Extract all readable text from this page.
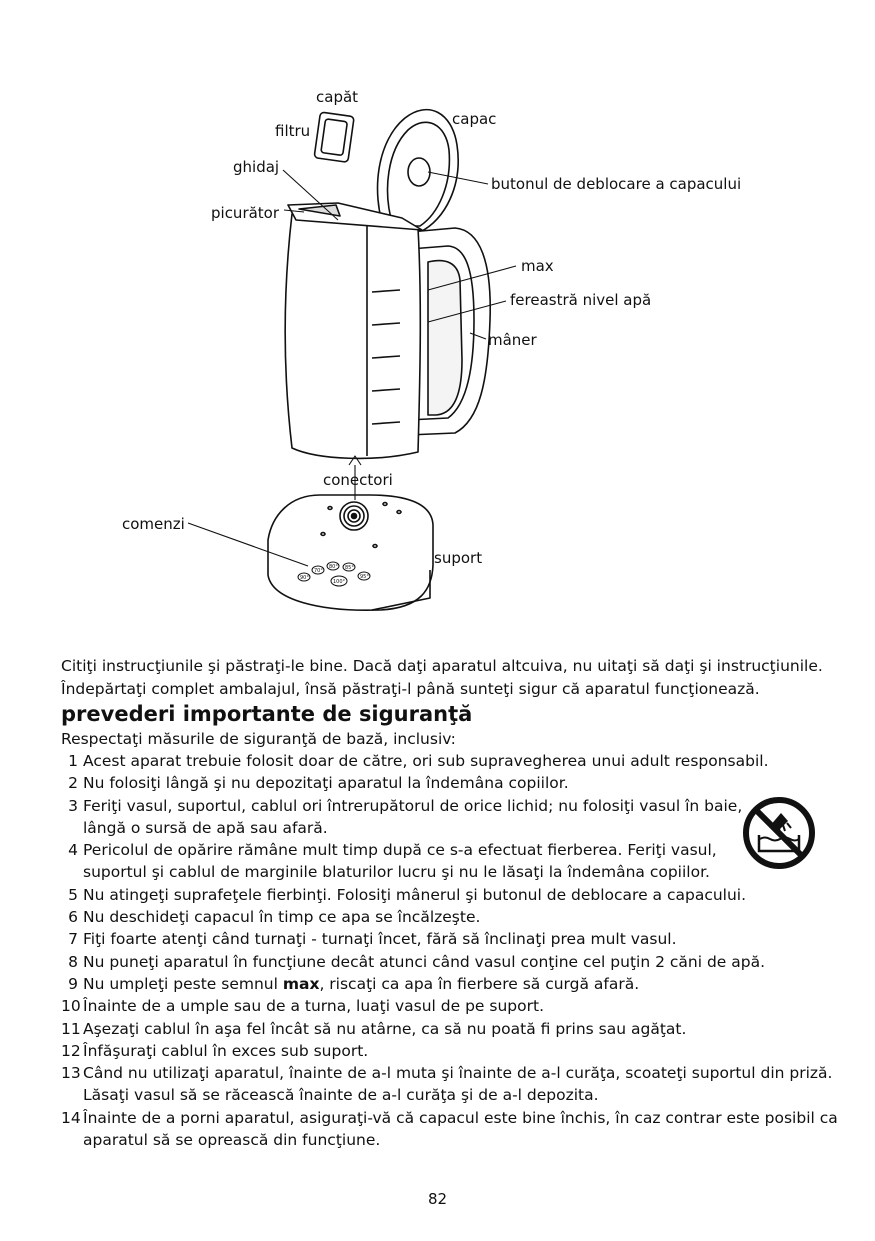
capăt
filtru
capac
ghidaj
butonul de deblocare a capacului
picurător
max
fereastră nivel apă
mâner
conectori
comenzi
suport
70°
80° 85°
90°
100°
95°

Citiţi instrucţiunile şi păstraţi-le bine. Dacă daţi aparatul altcuiva, nu uitaţi să daţi şi instrucţiunile.

Îndepărtaţi complet ambalajul, însă păstraţi-l până sunteţi sigur că aparatul funcţionează.

prevederi importante de siguranţă

Respectaţi măsurile de siguranţă de bază, inclusiv:

1 Acest aparat trebuie folosit doar de către, ori sub supravegherea unui adult responsabil.
2 Nu folosiţi lângă şi nu depozitaţi aparatul la îndemâna copiilor.
3 Feriţi vasul, suportul, cablul ori întrerupătorul de orice lichid; nu folosiţi vasul în baie, lângă o sursă de apă sau afară.
4 Pericolul de opărire rămâne mult timp după ce s-a efectuat fierberea. Feriţi vasul, suportul şi cablul de marginile blaturilor lucru şi nu le lăsaţi la îndemâna copiilor.
5 Nu atingeţi suprafeţele fierbinţi. Folosiţi mânerul şi butonul de deblocare a capacului.
6 Nu deschideţi capacul în timp ce apa se încălzeşte.
7 Fiţi foarte atenţi când turnaţi - turnaţi încet, fără să înclinaţi prea mult vasul.
8 Nu puneţi aparatul în funcţiune decât atunci când vasul conţine cel puţin 2 căni de apă.
9 Nu umpleţi peste semnul max, riscaţi ca apa în fierbere să curgă afară.
10 Înainte de a umple sau de a turna, luaţi vasul de pe suport.
11 Aşezaţi cablul în aşa fel încât să nu atârne, ca să nu poată fi prins sau agăţat.
12 Înfăşuraţi cablul în exces sub suport.
13 Când nu utilizaţi aparatul, înainte de a-l muta şi înainte de a-l curăţa, scoateţi suportul din priză. Lăsaţi vasul să se răcească înainte de a-l curăţa şi de a-l depozita.
14 Înainte de a porni aparatul, asiguraţi-vă că capacul este bine închis, în caz contrar este posibil ca aparatul să se oprească din funcţiune.
82
